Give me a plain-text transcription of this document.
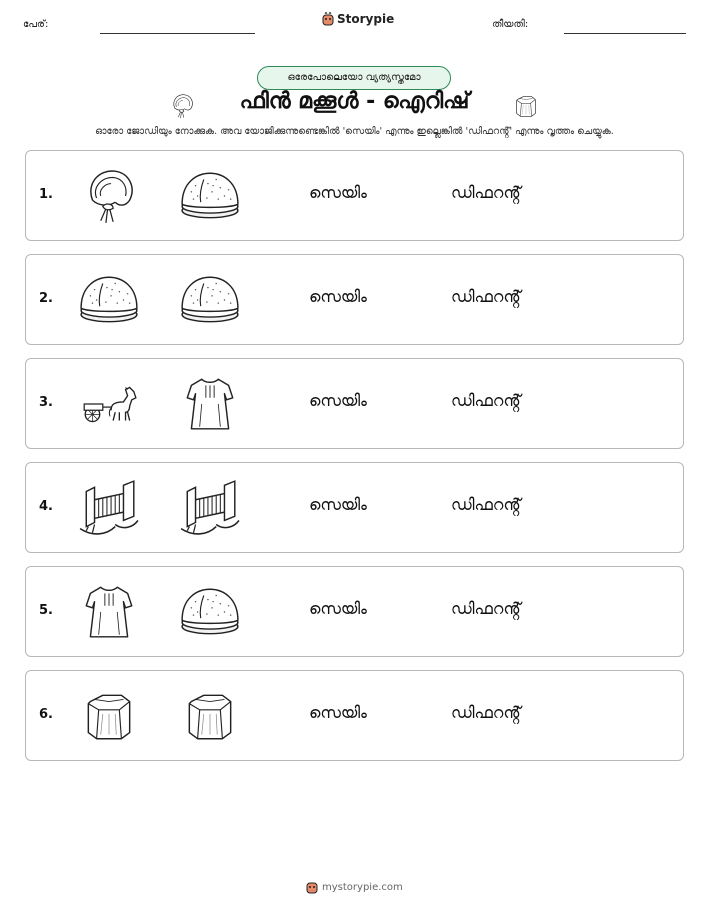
പേര്:	Storypie	തീയതി:
ഒരേപോലെയോ വ്യത്യസ്തമോ
ഫിൻ മക്കൂൾ - ഐറിഷ്
ഓരോ ജോഡിയും നോക്കുക. അവ യോജിക്കുന്നുണ്ടെങ്കിൽ 'സെയിം' എന്നും ഇല്ലെങ്കിൽ 'ഡിഫറൻ്റ്' എന്നും വൃത്തം ചെയ്യുക.
1.	സെയിം	ഡിഫറൻ്റ്
2.	സെയിം	ഡിഫറൻ്റ്
3.	സെയിം	ഡിഫറൻ്റ്
4.	സെയിം	ഡിഫറൻ്റ്
5.	സെയിം	ഡിഫറൻ്റ്
6.	സെയിം	ഡിഫറൻ്റ്
mystorypie.com
